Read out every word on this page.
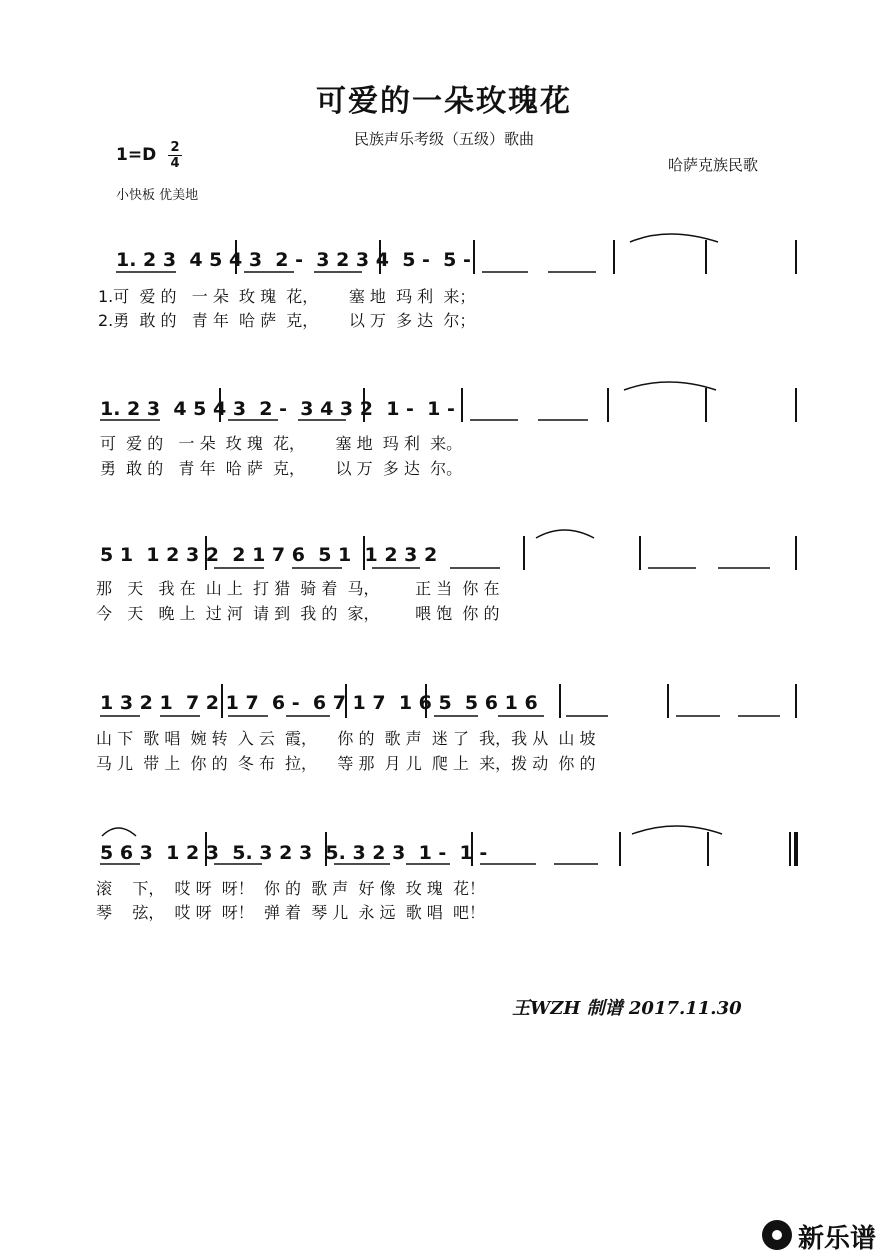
可爱的一朵玫瑰花
民族声乐考级（五级）歌曲
1=D 2
4
小快板 优美地
哈萨克族民歌
1. 2 3  4 5 4 3  2 -  3 2 3 4  5 -  5 -
1.可  爱 的   一 朵  玫 瑰  花，      塞 地  玛 利  来；
2.勇  敢 的   青 年  哈 萨  克，      以 万  多 达  尔；
1. 2 3  4 5 4 3  2 -  3 4 3 2  1 -  1 -
可  爱 的   一 朵  玫 瑰  花，      塞 地  玛 利  来。
勇  敢 的   青 年  哈 萨  克，      以 万  多 达  尔。
5 1  1 2 3 2  2 1 7 6  5 1  1 2 3 2
那   天   我 在  山 上  打 猎  骑 着  马，       正 当  你 在
今   天   晚 上  过 河  请 到  我 的  家，       喂 饱  你 的
1 3 2 1  7 2 1 7  6 -  6 7 1 7  1 6 5  5 6 1 6
山 下  歌 唱  婉 转  入 云  霞，    你 的  歌 声  迷 了  我，我 从  山 坡
马 儿  带 上  你 的  冬 布  拉，    等 那  月 儿  爬 上  来，拨 动  你 的
5 6 3  1 2 3  5. 3 2 3  5. 3 2 3  1 -  1 -
滚    下，  哎 呀  呀！  你 的  歌 声  好 像  玫 瑰  花！
琴    弦，  哎 呀  呀！  弹 着  琴 儿  永 远  歌 唱  吧！
王WZH 制谱 2017.11.30
新乐谱
